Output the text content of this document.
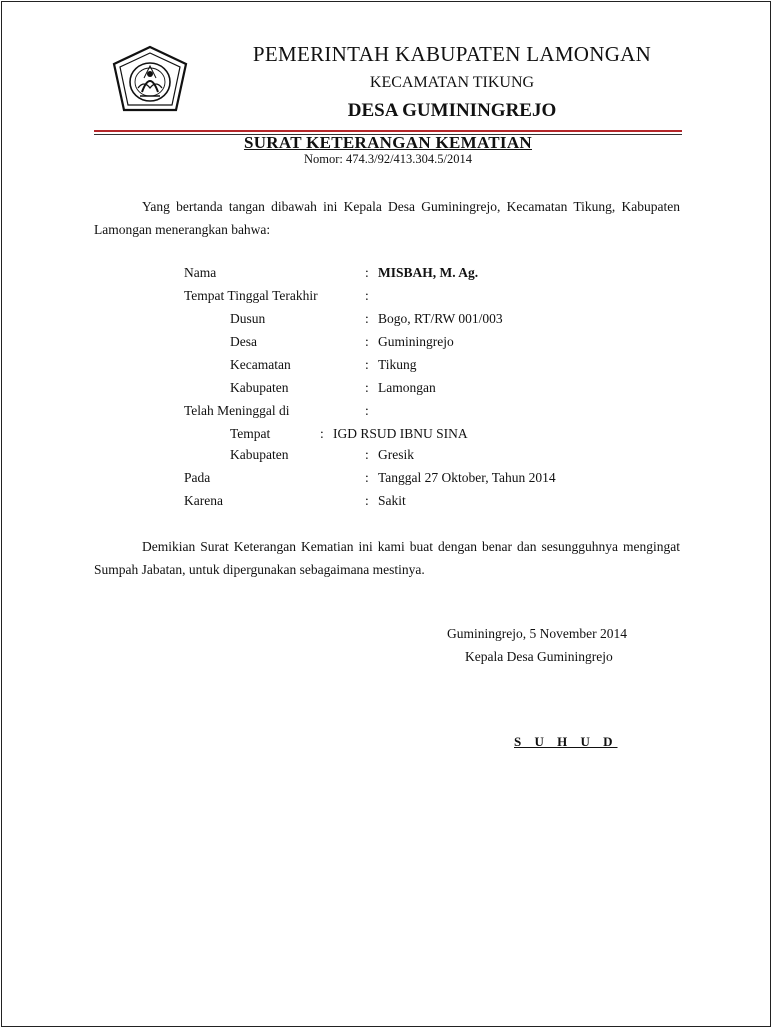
PEMERINTAH KABUPATEN LAMONGAN
KECAMATAN TIKUNG
DESA GUMININGREJO
SURAT KETERANGAN KEMATIAN
Nomor: 474.3/92/413.304.5/2014
Yang bertanda tangan dibawah ini Kepala Desa Guminingrejo, Kecamatan Tikung, Kabupaten Lamongan menerangkan bahwa:
Nama	: MISBAH, M. Ag.
Tempat Tinggal Terakhir	:
Dusun	: Bogo, RT/RW 001/003
Desa	: Guminingrejo
Kecamatan	: Tikung
Kabupaten	: Lamongan
Telah Meninggal di	:
Tempat	: IGD RSUD IBNU SINA
Kabupaten	: Gresik
Pada	: Tanggal 27 Oktober, Tahun 2014
Karena	: Sakit
Demikian Surat Keterangan Kematian ini kami buat dengan benar dan sesungguhnya mengingat Sumpah Jabatan, untuk dipergunakan sebagaimana mestinya.
Guminingrejo, 5 November 2014
Kepala Desa Guminingrejo
S U H U D
